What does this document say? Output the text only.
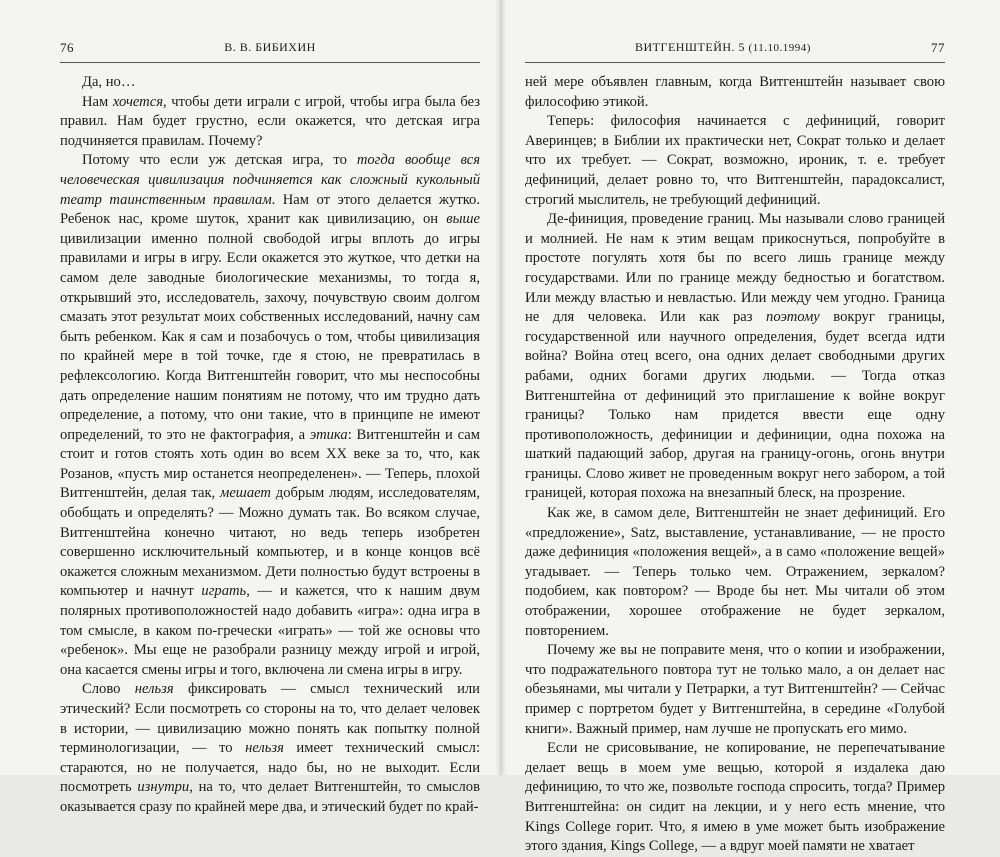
76	В. В. БИБИХИН

Да, но…

Нам хочется, чтобы дети играли с игрой, чтобы игра была без правил. Нам будет грустно, если окажется, что детская игра подчиняется правилам. Почему?

Потому что если уж детская игра, то тогда вообще вся человеческая цивилизация подчиняется как сложный кукольный театр таинственным правилам. Нам от этого делается жутко. Ребенок нас, кроме шуток, хранит как цивилизацию, он выше цивилизации именно полной свободой игры вплоть до игры правилами и игры в игру. Если окажется это жуткое, что детки на самом деле заводные биологические механизмы, то тогда я, открывший это, исследователь, захочу, почувствую своим долгом смазать этот результат моих собственных исследований, начну сам быть ребенком. Как я сам и позабочусь о том, чтобы цивилизация по крайней мере в той точке, где я стою, не превратилась в рефлексологию. Когда Витгенштейн говорит, что мы неспособны дать определение нашим понятиям не потому, что им трудно дать определение, а потому, что они такие, что в принципе не имеют определений, то это не фактография, а этика: Витгенштейн и сам стоит и готов стоять хоть один во всем XX веке за то, что, как Розанов, «пусть мир останется неопределенен». — Теперь, плохой Витгенштейн, делая так, мешает добрым людям, исследователям, обобщать и определять? — Можно думать так. Во всяком случае, Витгенштейна конечно читают, но ведь теперь изобретен совершенно исключительный компьютер, и в конце концов всё окажется сложным механизмом. Дети полностью будут встроены в компьютер и начнут играть, — и кажется, что к нашим двум полярных противоположностей надо добавить «игра»: одна игра в том смысле, в каком по-гречески «играть» — той же основы что «ребенок». Мы еще не разобрали разницу между игрой и игрой, она касается смены игры и того, включена ли смена игры в игру.

Слово нельзя фиксировать — смысл технический или этический? Если посмотреть со стороны на то, что делает человек в истории, — цивилизацию можно понять как попытку полной терминологизации, — то нельзя имеет технический смысл: стараются, но не получается, надо бы, но не выходит. Если посмотреть изнутри, на то, что делает Витгенштейн, то смыслов оказывается сразу по крайней мере два, и этический будет по край-

ВИТГЕНШТЕЙН. 5 (11.10.1994)	77

ней мере объявлен главным, когда Витгенштейн называет свою философию этикой.

Теперь: философия начинается с дефиниций, говорит Аверинцев; в Библии их практически нет, Сократ только и делает что их требует. — Сократ, возможно, ироник, т. е. требует дефиниций, делает ровно то, что Витгенштейн, парадоксалист, строгий мыслитель, не требующий дефиниций.

Де-финиция, проведение границ. Мы называли слово границей и молнией. Не нам к этим вещам прикоснуться, попробуйте в простоте погулять хотя бы по всего лишь границе между государствами. Или по границе между бедностью и богатством. Или между властью и невластью. Или между чем угодно. Граница не для человека. Или как раз поэтому вокруг границы, государственной или научного определения, будет всегда идти война? Война отец всего, она одних делает свободными других рабами, одних богами других людьми. — Тогда отказ Витгенштейна от дефиниций это приглашение к войне вокруг границы? Только нам придется ввести еще одну противоположность, дефиниции и дефиниции, одна похожа на шаткий падающий забор, другая на границу-огонь, огонь внутри границы. Слово живет не проведенным вокруг него забором, а той границей, которая похожа на внезапный блеск, на прозрение.

Как же, в самом деле, Витгенштейн не знает дефиниций. Его «предложение», Satz, выставление, устанавливание, — не просто даже дефиниция «положения вещей», а в само «положение вещей» угадывает. — Теперь только чем. Отражением, зеркалом? подобием, как повтором? — Вроде бы нет. Мы читали об этом отображении, хорошее отображение не будет зеркалом, повторением.

Почему же вы не поправите меня, что о копии и изображении, что подражательного повтора тут не только мало, а он делает нас обезьянами, мы читали у Петрарки, а тут Витгенштейн? — Сейчас пример с портретом будет у Витгенштейна, в середине «Голубой книги». Важный пример, нам лучше не пропускать его мимо.

Если не срисовывание, не копирование, не перепечатывание делает вещь в моем уме вещью, которой я издалека даю дефиницию, то что же, позвольте господа спросить, тогда? Пример Витгенштейна: он сидит на лекции, и у него есть мнение, что Kings College горит. Что, я имею в уме может быть изображение этого здания, Kings College, — а вдруг моей памяти не хватает
